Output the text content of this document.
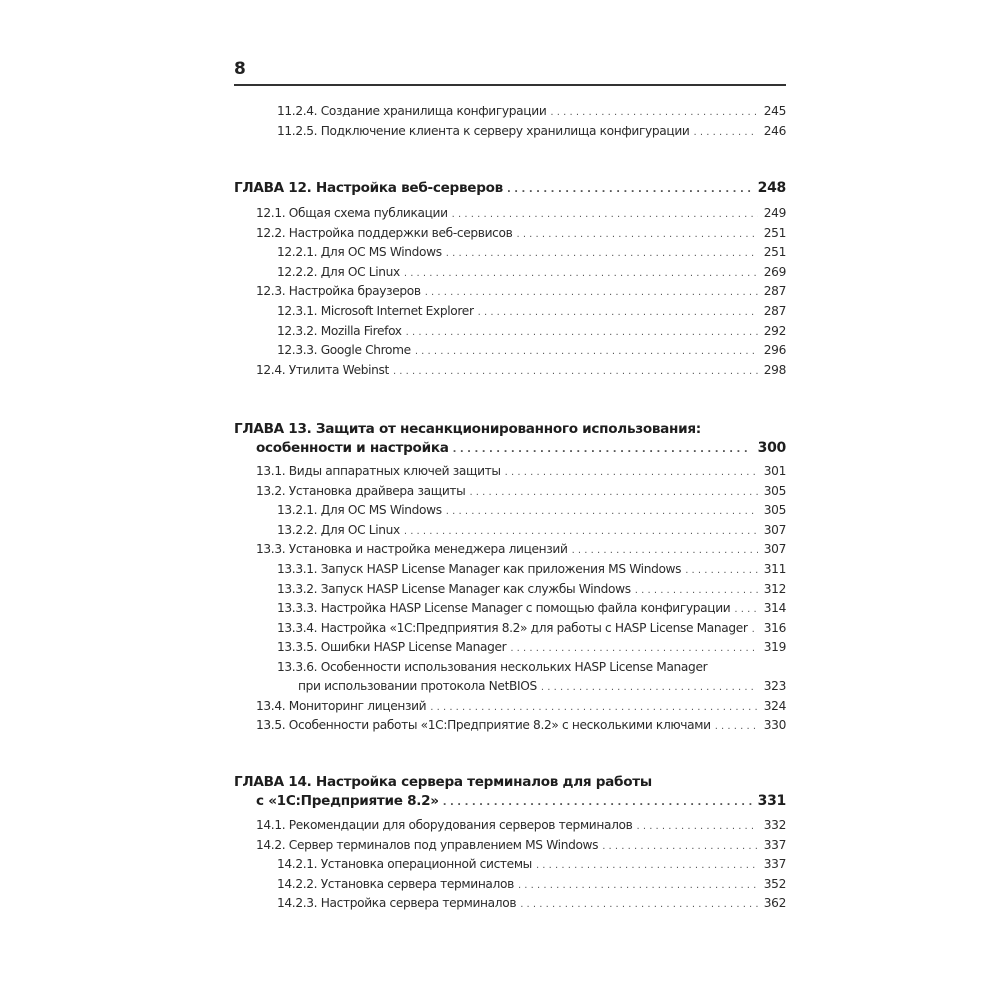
8
11.2.4. Создание хранилища конфигурации . . .	245
11.2.5. Подключение клиента к серверу хранилища конфигурации . . .	246
ГЛАВА 12. Настройка веб-серверов . . .	248
12.1. Общая схема публикации . . .	249
12.2. Настройка поддержки веб-сервисов . . .	251
12.2.1. Для ОС MS Windows . . .	251
12.2.2. Для ОС Linux . . .	269
12.3. Настройка браузеров . . .	287
12.3.1. Microsoft Internet Explorer . . .	287
12.3.2. Mozilla Firefox . . .	292
12.3.3. Google Chrome . . .	296
12.4. Утилита Webinst . . .	298
ГЛАВА 13. Защита от несанкционированного использования:
особенности и настройка . . .	300
13.1. Виды аппаратных ключей защиты . . .	301
13.2. Установка драйвера защиты . . .	305
13.2.1. Для ОС MS Windows . . .	305
13.2.2. Для ОС Linux . . .	307
13.3. Установка и настройка менеджера лицензий . . .	307
13.3.1. Запуск HASP License Manager как приложения MS Windows . . .	311
13.3.2. Запуск HASP License Manager как службы Windows . . .	312
13.3.3. Настройка HASP License Manager с помощью файла конфигурации . . .	314
13.3.4. Настройка «1С:Предприятия 8.2» для работы с HASP License Manager . . .	316
13.3.5. Ошибки HASP License Manager . . .	319
13.3.6. Особенности использования нескольких HASP License Manager
при использовании протокола NetBIOS . . .	323
13.4. Мониторинг лицензий . . .	324
13.5. Особенности работы «1С:Предприятие 8.2» с несколькими ключами . . .	330
ГЛАВА 14. Настройка сервера терминалов для работы
с «1С:Предприятие 8.2» . . .	331
14.1. Рекомендации для оборудования серверов терминалов . . .	332
14.2. Сервер терминалов под управлением MS Windows . . .	337
14.2.1. Установка операционной системы . . .	337
14.2.2. Установка сервера терминалов . . .	352
14.2.3. Настройка сервера терминалов . . .	362
